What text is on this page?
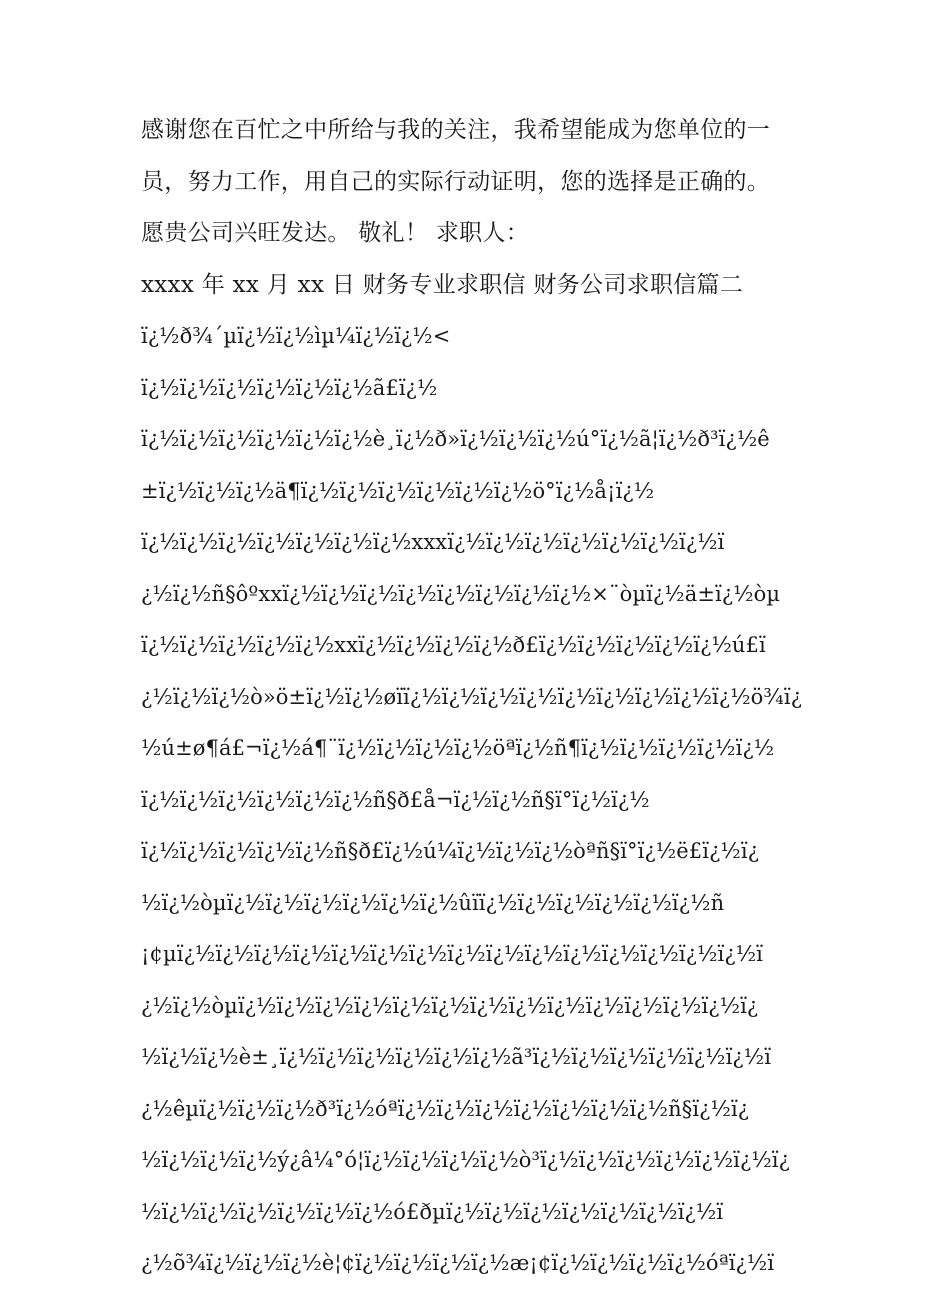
感谢您在百忙之中所给与我的关注，我希望能成为您单位的一
员，努力工作，用自己的实际行动证明，您的选择是正确的。
愿贵公司兴旺发达。 敬礼！ 求职人：
xxxx 年 xx 月 xx 日 财务专业求职信 财务公司求职信篇二
ï¿½ð¾´µï¿½ï¿½ìµ¼ï¿½ï¿½<
ï¿½ï¿½ï¿½ï¿½ï¿½ï¿½ã£ï¿½
ï¿½ï¿½ï¿½ï¿½ï¿½ï¿½è¸ï¿½ð»ï¿½ï¿½ï¿½ú°ï¿½ã¦ï¿½ð³ï¿½ê
±ï¿½ï¿½ï¿½ä¶ï¿½ï¿½ï¿½ï¿½ï¿½ï¿½ö°ï¿½å¡ï¿½
ï¿½ï¿½ï¿½ï¿½ï¿½ï¿½ï¿½xxxï¿½ï¿½ï¿½ï¿½ï¿½ï¿½ï¿½ï
¿½ï¿½ñ§ôºxxï¿½ï¿½ï¿½ï¿½ï¿½ï¿½ï¿½ï¿½×¨òµï¿½ä±ï¿½òµ
ï¿½ï¿½ï¿½ï¿½ï¿½xxï¿½ï¿½ï¿½ï¿½ð£ï¿½ï¿½ï¿½ï¿½ï¿½ú£ï
¿½ï¿½ï¿½ò»ö±ï¿½ï¿½øïï¿½ï¿½ï¿½ï¿½ï¿½ï¿½ï¿½ï¿½ï¿½ö¾ï¿
½ú±ø¶á£¬ï¿½á¶¨ï¿½ï¿½ï¿½ï¿½öªï¿½ñ¶ï¿½ï¿½ï¿½ï¿½ï¿½
ï¿½ï¿½ï¿½ï¿½ï¿½ï¿½ñ§ð£å¬ï¿½ï¿½ñ§ï°ï¿½ï¿½
ï¿½ï¿½ï¿½ï¿½ï¿½ñ§ð£ï¿½ú¼ï¿½ï¿½ï¿½òªñ§ï°ï¿½ë£ï¿½ï¿
½ï¿½òµï¿½ï¿½ï¿½ï¿½ï¿½ï¿½ûïï¿½ï¿½ï¿½ï¿½ï¿½ï¿½ñ
¡¢µï¿½ï¿½ï¿½ï¿½ï¿½ï¿½ï¿½ï¿½ï¿½ï¿½ï¿½ï¿½ï¿½ï¿½ï¿½ï
¿½ï¿½òµï¿½ï¿½ï¿½ï¿½ï¿½ï¿½ï¿½ï¿½ï¿½ï¿½ï¿½ï¿½ï¿½ï¿
½ï¿½ï¿½è±¸ï¿½ï¿½ï¿½ï¿½ï¿½ï¿½ã³ï¿½ï¿½ï¿½ï¿½ï¿½ï¿½ï
¿½êµï¿½ï¿½ï¿½ð³ï¿½óªï¿½ï¿½ï¿½ï¿½ï¿½ï¿½ï¿½ñ§ï¿½ï¿
½ï¿½ï¿½ï¿½ý¿â¼°ó¦ï¿½ï¿½ï¿½ï¿½ò³ï¿½ï¿½ï¿½ï¿½ï¿½ï¿½ï¿
½ï¿½ï¿½ï¿½ï¿½ï¿½ï¿½ó£ðµï¿½ï¿½ï¿½ï¿½ï¿½ï¿½ï¿½ï
¿½õ¾ï¿½ï¿½ï¿½è¦¢ï¿½ï¿½ï¿½ï¿½æ¡¢ï¿½ï¿½ï¿½ï¿½óªï¿½ï
